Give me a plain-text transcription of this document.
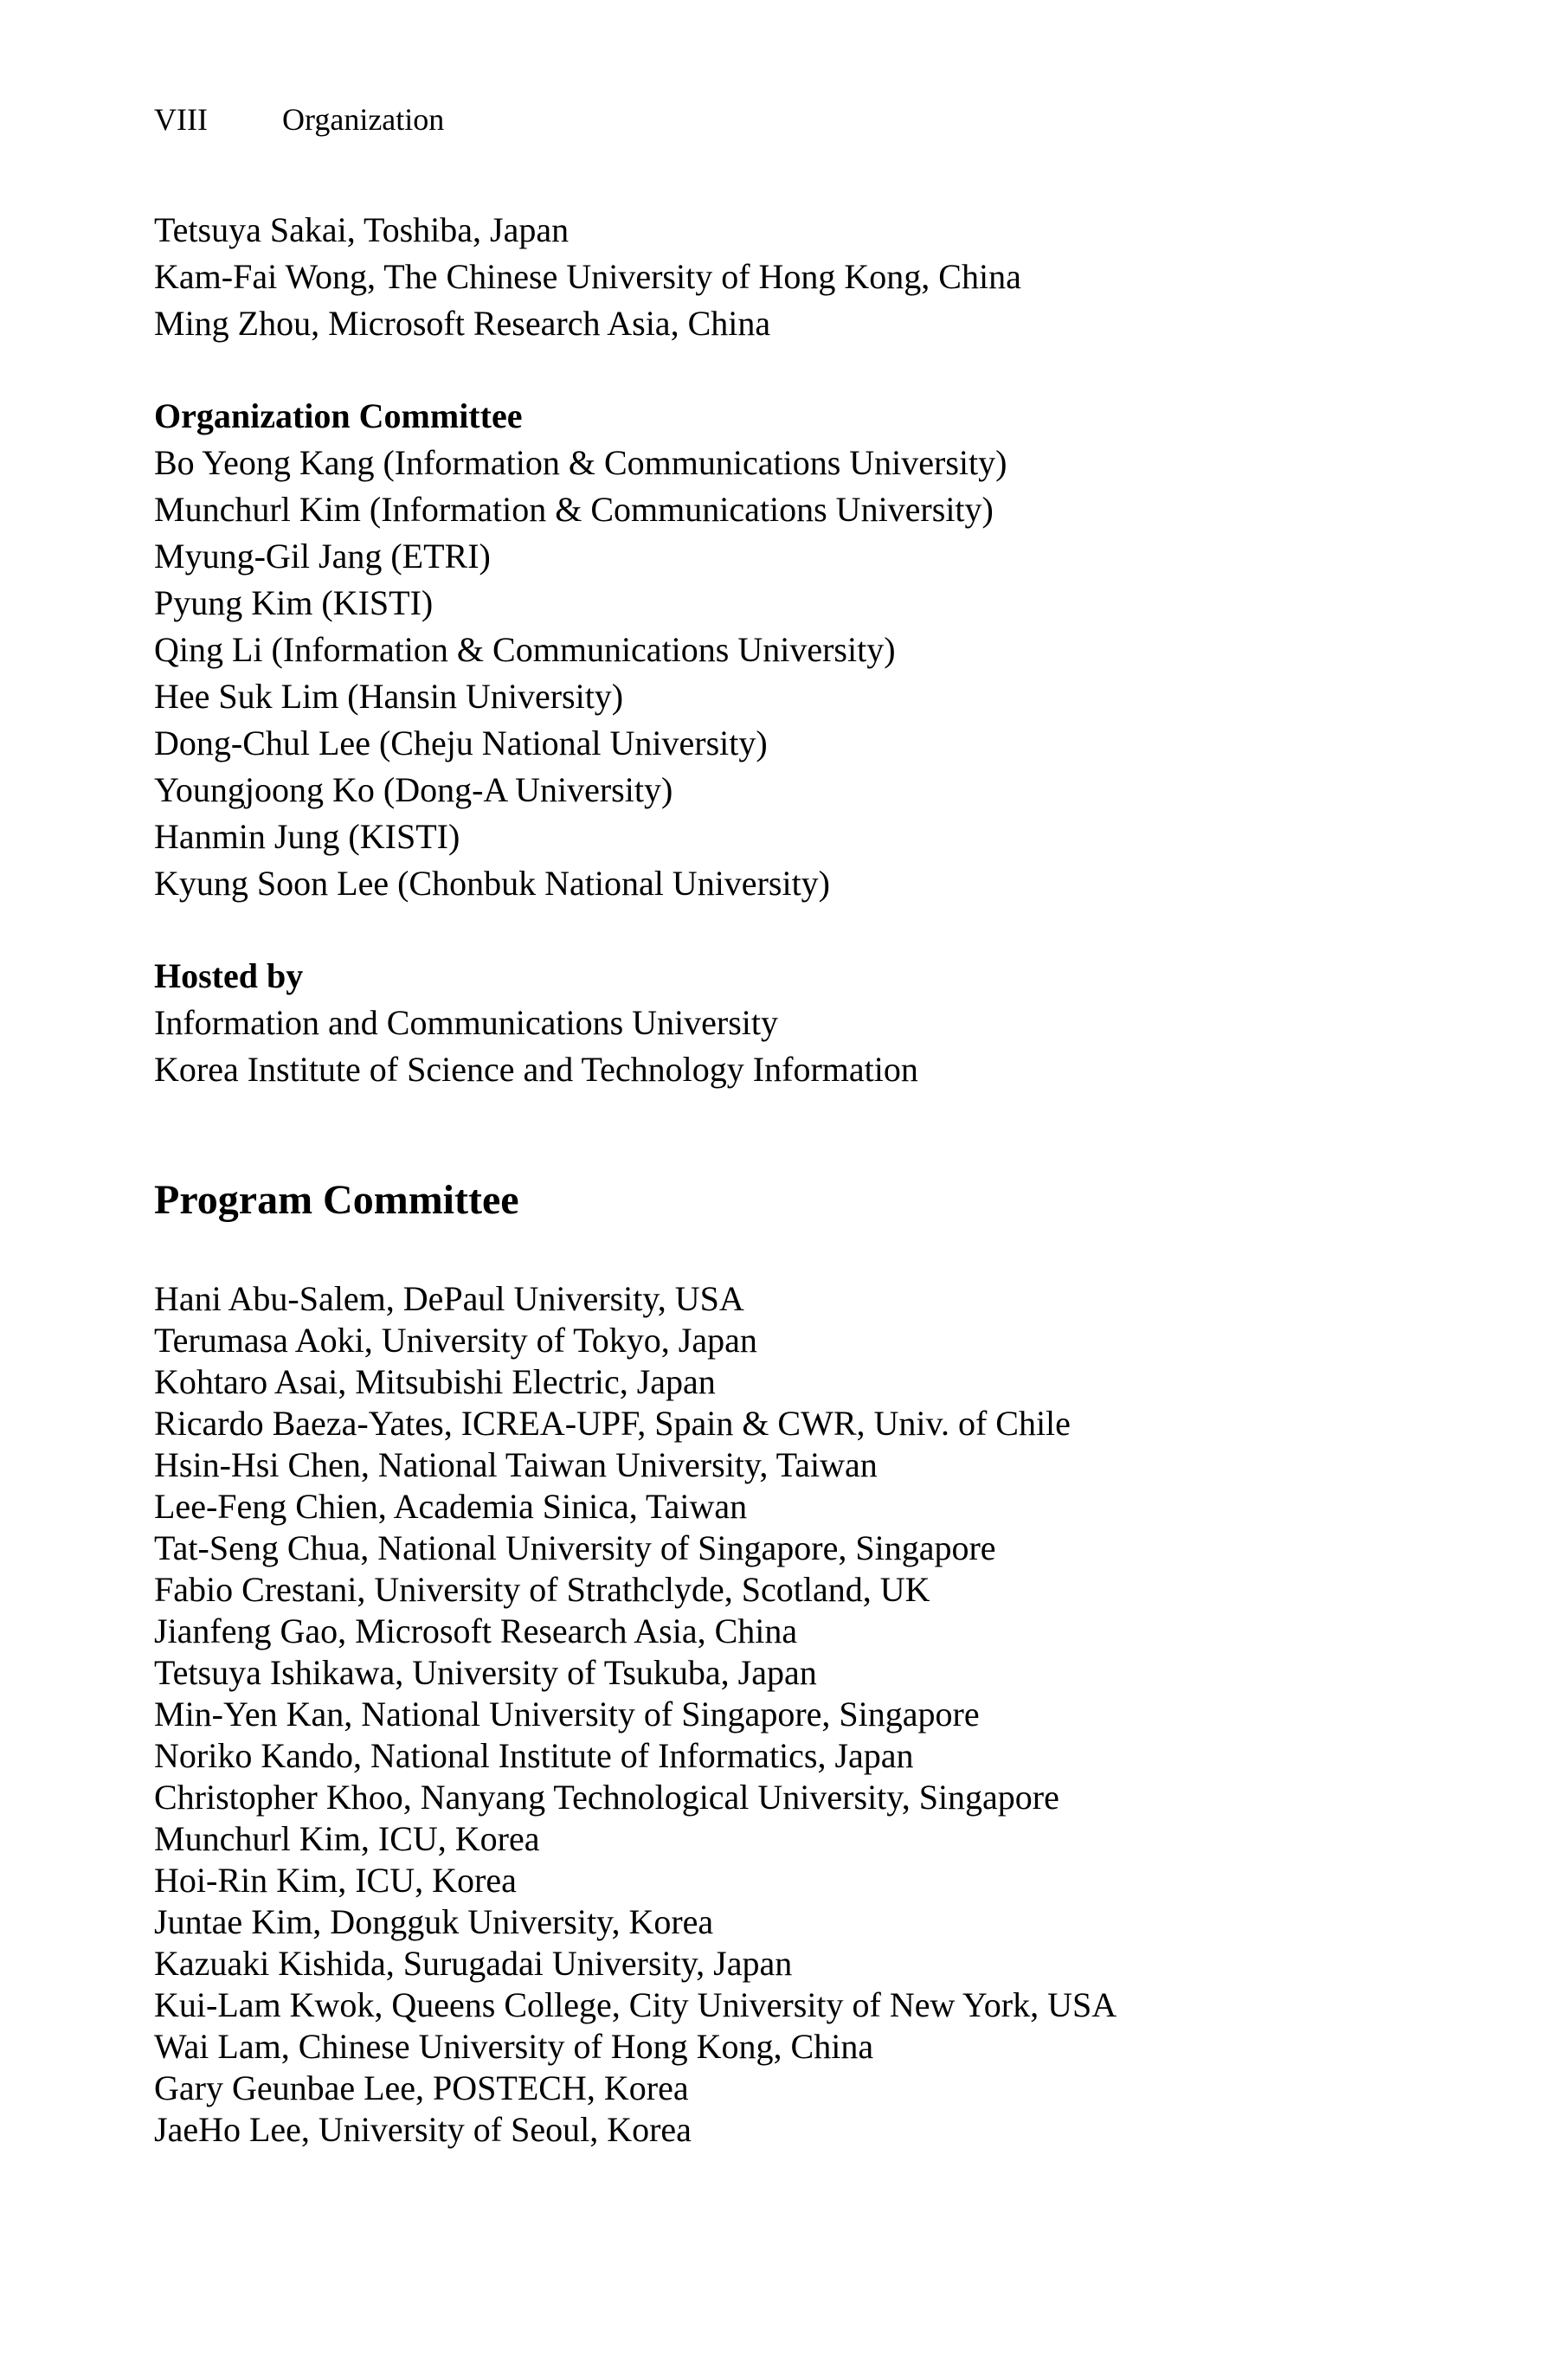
VIII Organization
Tetsuya Sakai, Toshiba, Japan
Kam-Fai Wong, The Chinese University of Hong Kong, China
Ming Zhou, Microsoft Research Asia, China
Organization Committee
Bo Yeong Kang (Information & Communications University)
Munchurl Kim (Information & Communications University)
Myung-Gil Jang (ETRI)
Pyung Kim (KISTI)
Qing Li (Information & Communications University)
Hee Suk Lim (Hansin University)
Dong-Chul Lee (Cheju National University)
Youngjoong Ko (Dong-A University)
Hanmin Jung (KISTI)
Kyung Soon Lee (Chonbuk National University)
Hosted by
Information and Communications University
Korea Institute of Science and Technology Information
Program Committee
Hani Abu-Salem, DePaul University, USA
Terumasa Aoki, University of Tokyo, Japan
Kohtaro Asai, Mitsubishi Electric, Japan
Ricardo Baeza-Yates, ICREA-UPF, Spain & CWR, Univ. of Chile
Hsin-Hsi Chen, National Taiwan University, Taiwan
Lee-Feng Chien, Academia Sinica, Taiwan
Tat-Seng Chua, National University of Singapore, Singapore
Fabio Crestani, University of Strathclyde, Scotland, UK
Jianfeng Gao, Microsoft Research Asia, China
Tetsuya Ishikawa, University of Tsukuba, Japan
Min-Yen Kan, National University of Singapore, Singapore
Noriko Kando, National Institute of Informatics, Japan
Christopher Khoo, Nanyang Technological University, Singapore
Munchurl Kim, ICU, Korea
Hoi-Rin Kim, ICU, Korea
Juntae Kim, Dongguk University, Korea
Kazuaki Kishida, Surugadai University, Japan
Kui-Lam Kwok, Queens College, City University of New York, USA
Wai Lam, Chinese University of Hong Kong, China
Gary Geunbae Lee, POSTECH, Korea
JaeHo Lee, University of Seoul, Korea
